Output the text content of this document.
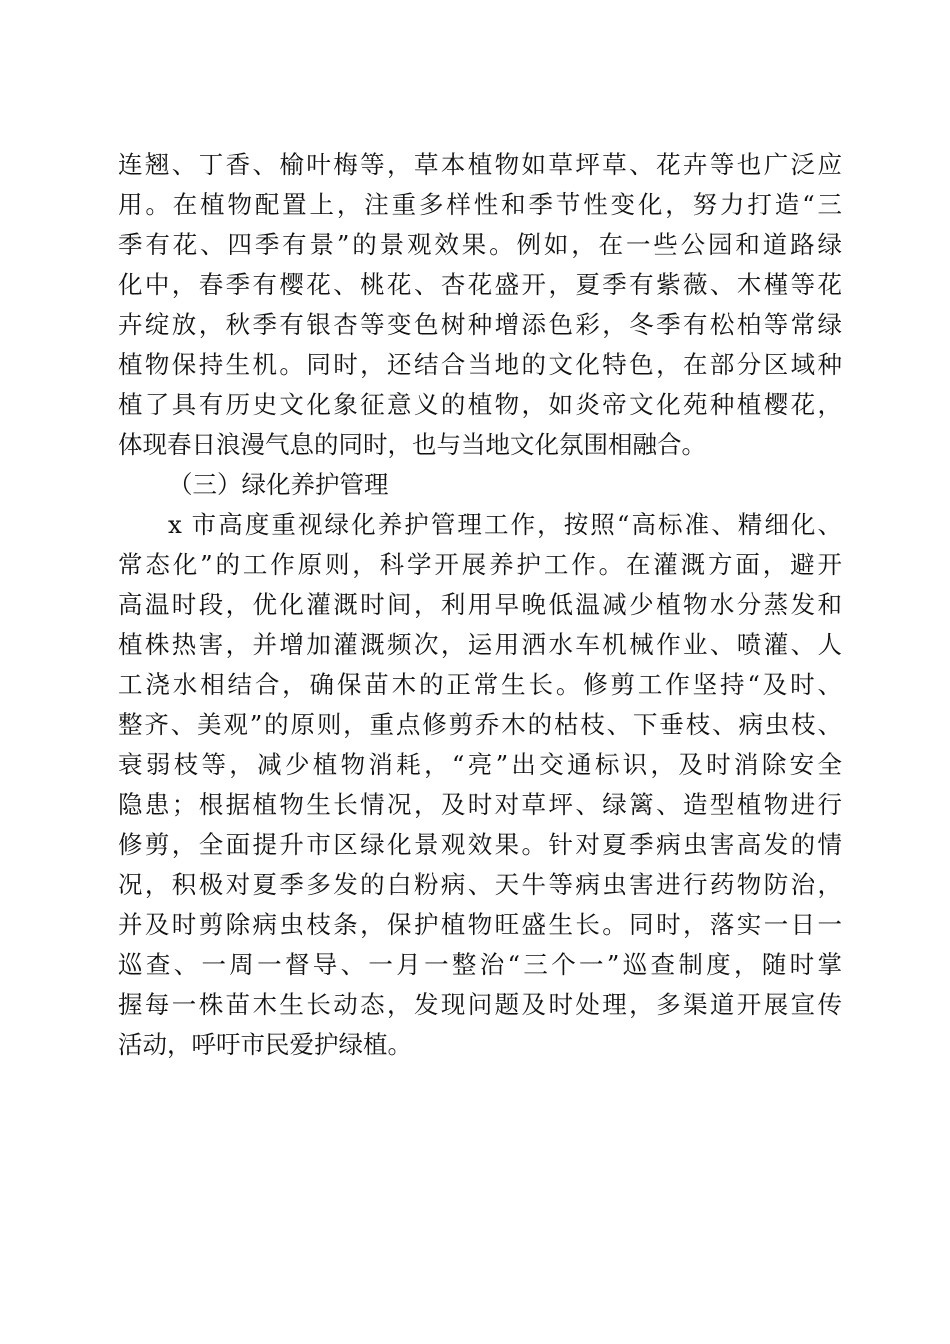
连翘、丁香、榆叶梅等，草本植物如草坪草、花卉等也广泛应
用。在植物配置上，注重多样性和季节性变化，努力打造“三
季有花、四季有景”的景观效果。例如，在一些公园和道路绿
化中，春季有樱花、桃花、杏花盛开，夏季有紫薇、木槿等花
卉绽放，秋季有银杏等变色树种增添色彩，冬季有松柏等常绿
植物保持生机。同时，还结合当地的文化特色，在部分区域种
植了具有历史文化象征意义的植物，如炎帝文化苑种植樱花，
体现春日浪漫气息的同时，也与当地文化氛围相融合。
（三）绿化养护管理
x 市高度重视绿化养护管理工作，按照“高标准、精细化、
常态化”的工作原则，科学开展养护工作。在灌溉方面，避开
高温时段，优化灌溉时间，利用早晚低温减少植物水分蒸发和
植株热害，并增加灌溉频次，运用洒水车机械作业、喷灌、人
工浇水相结合，确保苗木的正常生长。修剪工作坚持“及时、
整齐、美观”的原则，重点修剪乔木的枯枝、下垂枝、病虫枝、
衰弱枝等，减少植物消耗，“亮”出交通标识，及时消除安全
隐患；根据植物生长情况，及时对草坪、绿篱、造型植物进行
修剪，全面提升市区绿化景观效果。针对夏季病虫害高发的情
况，积极对夏季多发的白粉病、天牛等病虫害进行药物防治，
并及时剪除病虫枝条，保护植物旺盛生长。同时，落实一日一
巡查、一周一督导、一月一整治“三个一”巡查制度，随时掌
握每一株苗木生长动态，发现问题及时处理，多渠道开展宣传
活动，呼吁市民爱护绿植。
